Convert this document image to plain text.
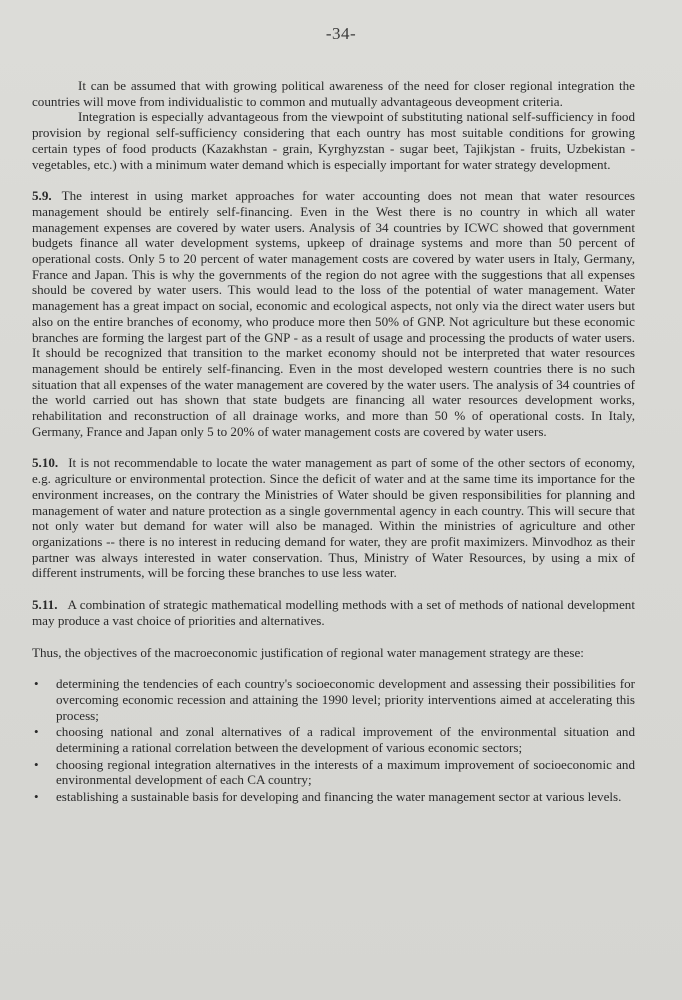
-34-

It can be assumed that with growing political awareness of the need for closer regional integration the countries will move from individualistic to common and mutually advantageous deveopment criteria.

Integration is especially advantageous from the viewpoint of substituting national self-sufficiency in food provision by regional self-sufficiency considering that each ountry has most suitable conditions for growing certain types of food products (Kazakhstan - grain, Kyrghyzstan - sugar beet, Tajikjstan - fruits, Uzbekistan - vegetables, etc.) with a minimum water demand which is especially important for water strategy development.

5.9. The interest in using market approaches for water accounting does not mean that water resources management should be entirely self-financing. Even in the West there is no country in which all water management expenses are covered by water users. Analysis of 34 countries by ICWC showed that government budgets finance all water development systems, upkeep of drainage systems and more than 50 percent of operational costs. Only 5 to 20 percent of water management costs are covered by water users in Italy, Germany, France and Japan. This is why the governments of the region do not agree with the suggestions that all expenses should be covered by water users. This would lead to the loss of the potential of water management. Water management has a great impact on social, economic and ecological aspects, not only via the direct water users but also on the entire branches of economy, who produce more then 50% of GNP. Not agriculture but these economic branches are forming the largest part of the GNP - as a result of usage and processing the products of water users. It should be recognized that transition to the market economy should not be interpreted that water resources management should be entirely self-financing. Even in the most developed western countries there is no such situation that all expenses of the water management are covered by the water users. The analysis of 34 countries of the world carried out has shown that state budgets are financing all water resources development works, rehabilitation and reconstruction of all drainage works, and more than 50 % of operational costs. In Italy, Germany, France and Japan only 5 to 20% of water management costs are covered by water users.

5.10. It is not recommendable to locate the water management as part of some of the other sectors of economy, e.g. agriculture or environmental protection. Since the deficit of water and at the same time its importance for the environment increases, on the contrary the Ministries of Water should be given responsibilities for planning and management of water and nature protection as a single governmental agency in each country. This will secure that not only water but demand for water will also be managed. Within the ministries of agriculture and other organizations -- there is no interest in reducing demand for water, they are profit maximizers. Minvodhoz as their partner was always interested in water conservation. Thus, Ministry of Water Resources, by using a mix of different instruments, will be forcing these branches to use less water.

5.11. A combination of strategic mathematical modelling methods with a set of methods of national development may produce a vast choice of priorities and alternatives.

Thus, the objectives of the macroeconomic justification of regional water management strategy are these:

• determining the tendencies of each country's socioeconomic development and assessing their possibilities for overcoming economic recession and attaining the 1990 level; priority interventions aimed at accelerating this process;
• choosing national and zonal alternatives of a radical improvement of the environmental situation and determining a rational correlation between the development of various economic sectors;
• choosing regional integration alternatives in the interests of a maximum improvement of socioeconomic and environmental development of each CA country;
• establishing a sustainable basis for developing and financing the water management sector at various levels.
